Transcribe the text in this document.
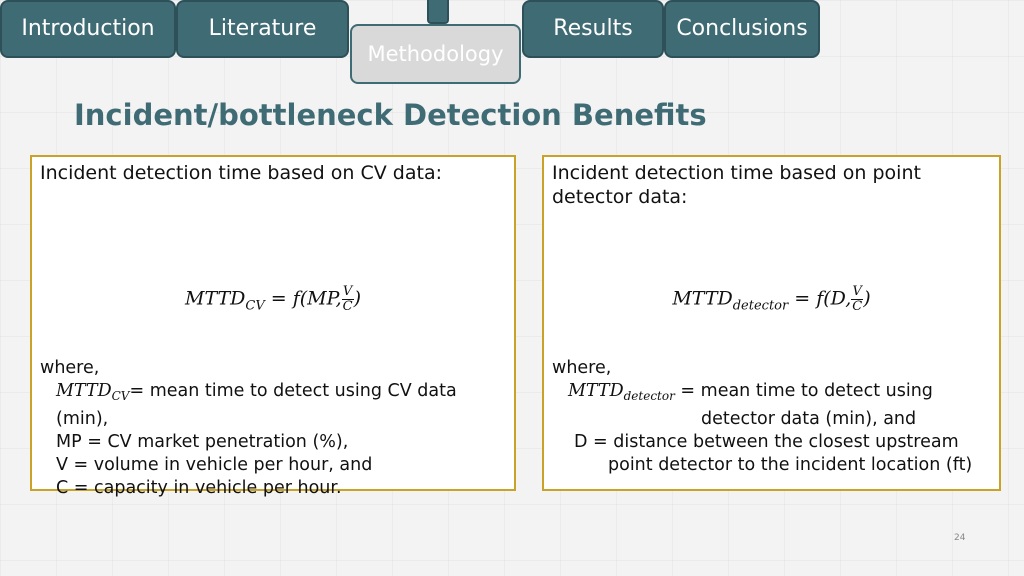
Introduction Literature
Methodology
Results Conclusions
Incident/bottleneck Detection Benefits
Incident detection time based on CV data:
$MTTD_{CV} = f(MP$, $\frac{V}{C}$ )
where,
$MTTD_{CV}=$ mean time to detect using CV data (min),
MP = CV market penetration (%),
V = volume in vehicle per hour, and
C = capacity in vehicle per hour.
Incident detection time based on point detector data:
$MTTD_{detector} = f(D$, $\frac{V}{C}$ )
where,
$MTTD_{detector}$ = mean time to detect using
detector data (min), and
D = distance between the closest upstream
point detector to the incident location (ft)
24
